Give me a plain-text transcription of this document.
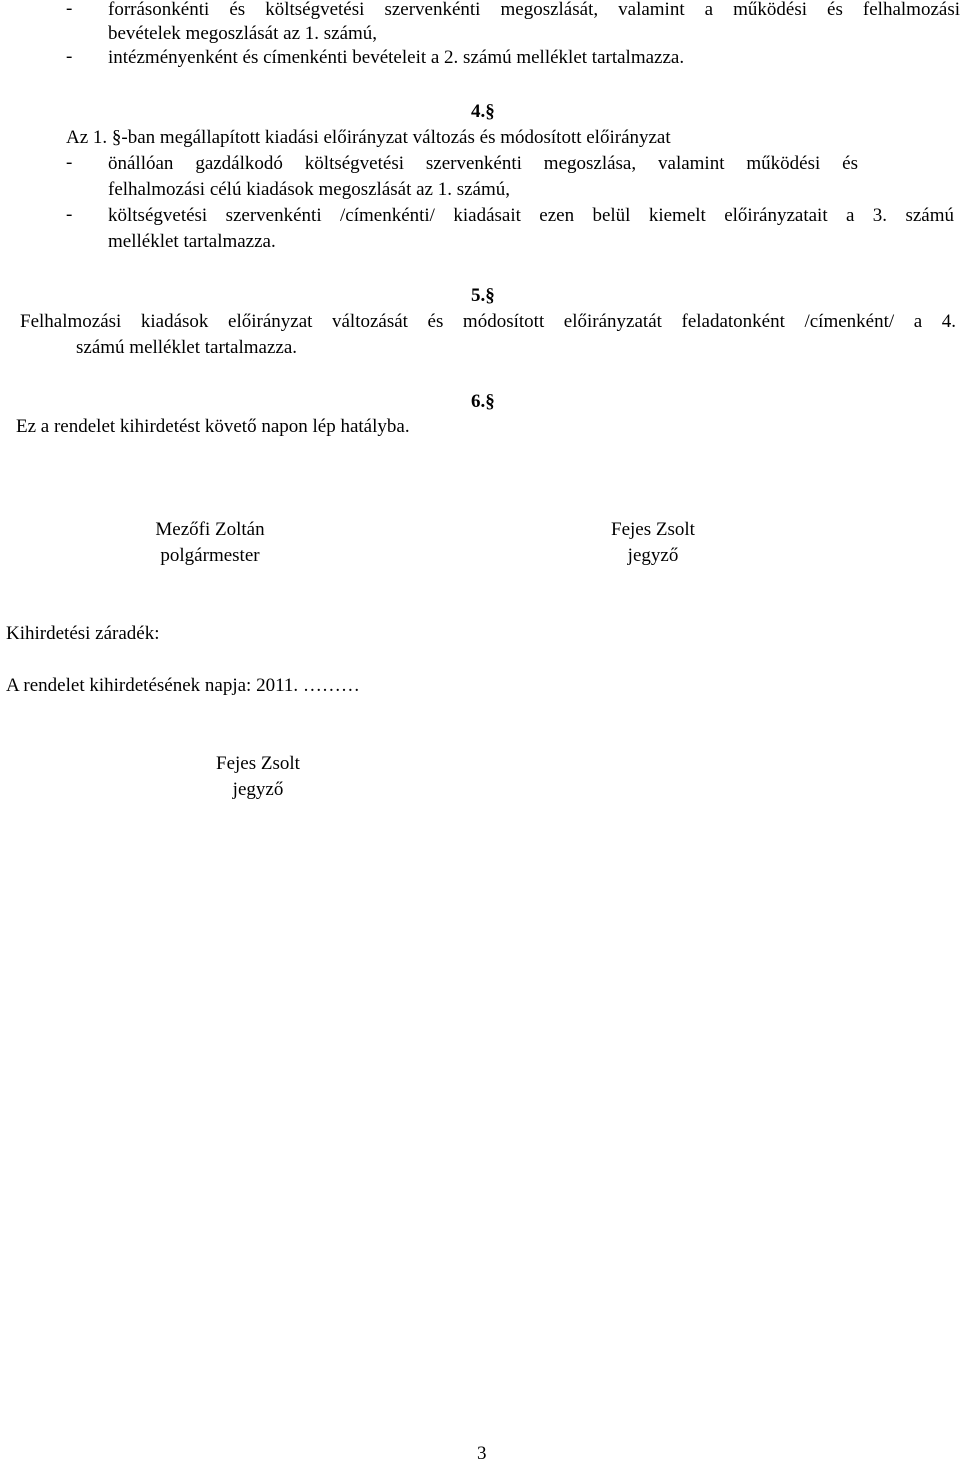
- forrásonkénti és költségvetési szervenkénti megoszlását, valamint a működési és felhalmozási
bevételek megoszlását az 1. számú,
- intézményenként és címenkénti bevételeit a 2. számú melléklet tartalmazza.
4.§
Az 1. §-ban megállapított kiadási előirányzat változás és módosított előirányzat
- önállóan gazdálkodó költségvetési szervenkénti megoszlása, valamint működési és
felhalmozási célú kiadások megoszlását az 1. számú,
- költségvetési szervenkénti /címenkénti/ kiadásait ezen belül kiemelt előirányzatait a 3. számú
melléklet tartalmazza.
5.§
Felhalmozási kiadások előirányzat változását és módosított előirányzatát feladatonként /címenként/ a 4.
számú melléklet tartalmazza.
6.§
Ez a rendelet kihirdetést követő napon lép hatályba.
Mezőfi Zoltán
polgármester
Fejes Zsolt
jegyző
Kihirdetési záradék:
A rendelet kihirdetésének napja: 2011. ………
Fejes Zsolt
jegyző
3
